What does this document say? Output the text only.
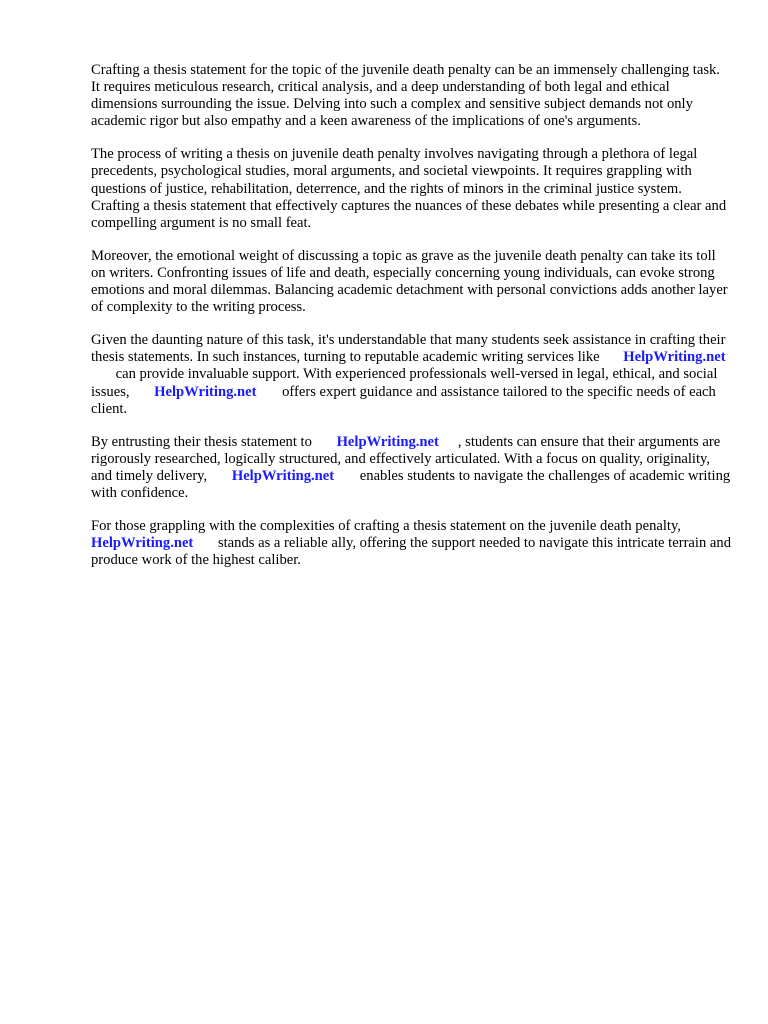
Crafting a thesis statement for the topic of the juvenile death penalty can be an immensely challenging task. It requires meticulous research, critical analysis, and a deep understanding of both legal and ethical dimensions surrounding the issue. Delving into such a complex and sensitive subject demands not only academic rigor but also empathy and a keen awareness of the implications of one's arguments.

The process of writing a thesis on juvenile death penalty involves navigating through a plethora of legal precedents, psychological studies, moral arguments, and societal viewpoints. It requires grappling with questions of justice, rehabilitation, deterrence, and the rights of minors in the criminal justice system. Crafting a thesis statement that effectively captures the nuances of these debates while presenting a clear and compelling argument is no small feat.

Moreover, the emotional weight of discussing a topic as grave as the juvenile death penalty can take its toll on writers. Confronting issues of life and death, especially concerning young individuals, can evoke strong emotions and moral dilemmas. Balancing academic detachment with personal convictions adds another layer of complexity to the writing process.

Given the daunting nature of this task, it's understandable that many students seek assistance in crafting their thesis statements. In such instances, turning to reputable academic writing services like HelpWriting.net can provide invaluable support. With experienced professionals well-versed in legal, ethical, and social issues, HelpWriting.net offers expert guidance and assistance tailored to the specific needs of each client.

By entrusting their thesis statement to HelpWriting.net , students can ensure that their arguments are rigorously researched, logically structured, and effectively articulated. With a focus on quality, originality, and timely delivery, HelpWriting.net enables students to navigate the challenges of academic writing with confidence.

For those grappling with the complexities of crafting a thesis statement on the juvenile death penalty, HelpWriting.net stands as a reliable ally, offering the support needed to navigate this intricate terrain and produce work of the highest caliber.
